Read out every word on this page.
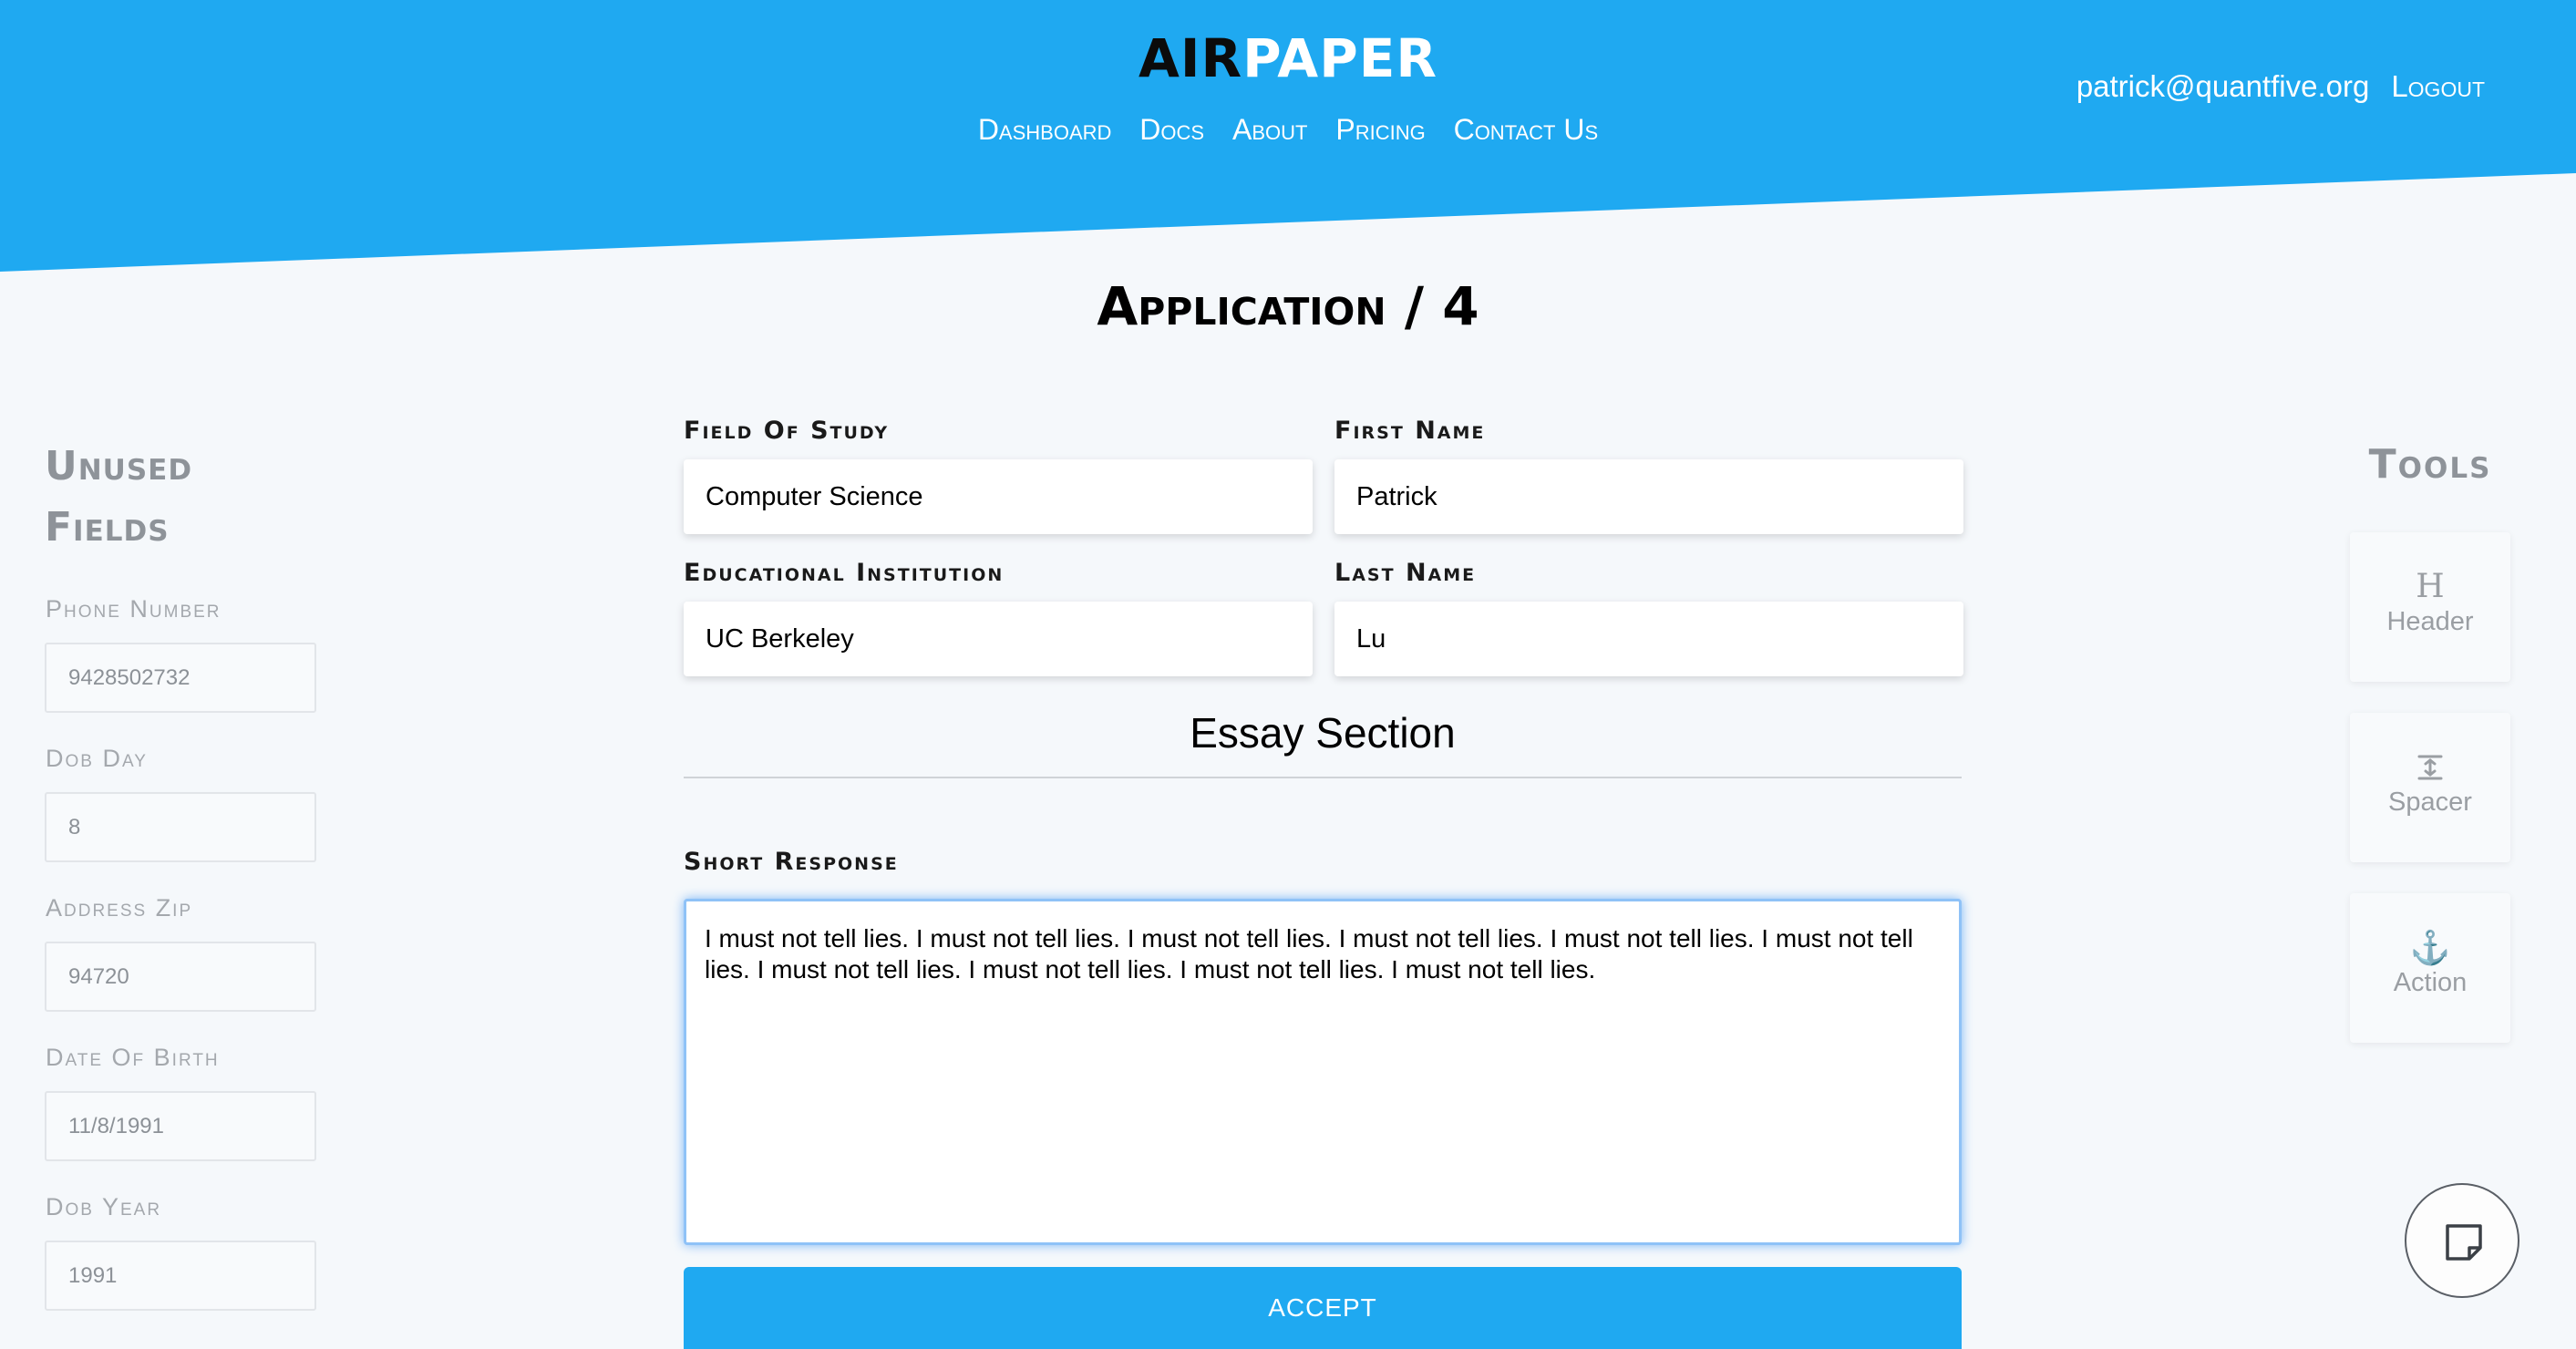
AIRPAPER
Dashboard Docs About Pricing Contact Us
patrick@quantfive.org Logout
Application / 4
Unused Fields
Phone Number
9428502732
Dob Day
8
Address Zip
94720
Date Of Birth
11/8/1991
Dob Year
1991
Field Of Study
Computer Science
First Name
Patrick
Educational Institution
UC Berkeley
Last Name
Lu
Essay Section
Short Response
I must not tell lies. I must not tell lies. I must not tell lies. I must not tell lies. I must not tell lies. I must not tell lies. I must not tell lies. I must not tell lies. I must not tell lies. I must not tell lies.
ACCEPT
Tools
H
Header
Spacer
⚓
Action
